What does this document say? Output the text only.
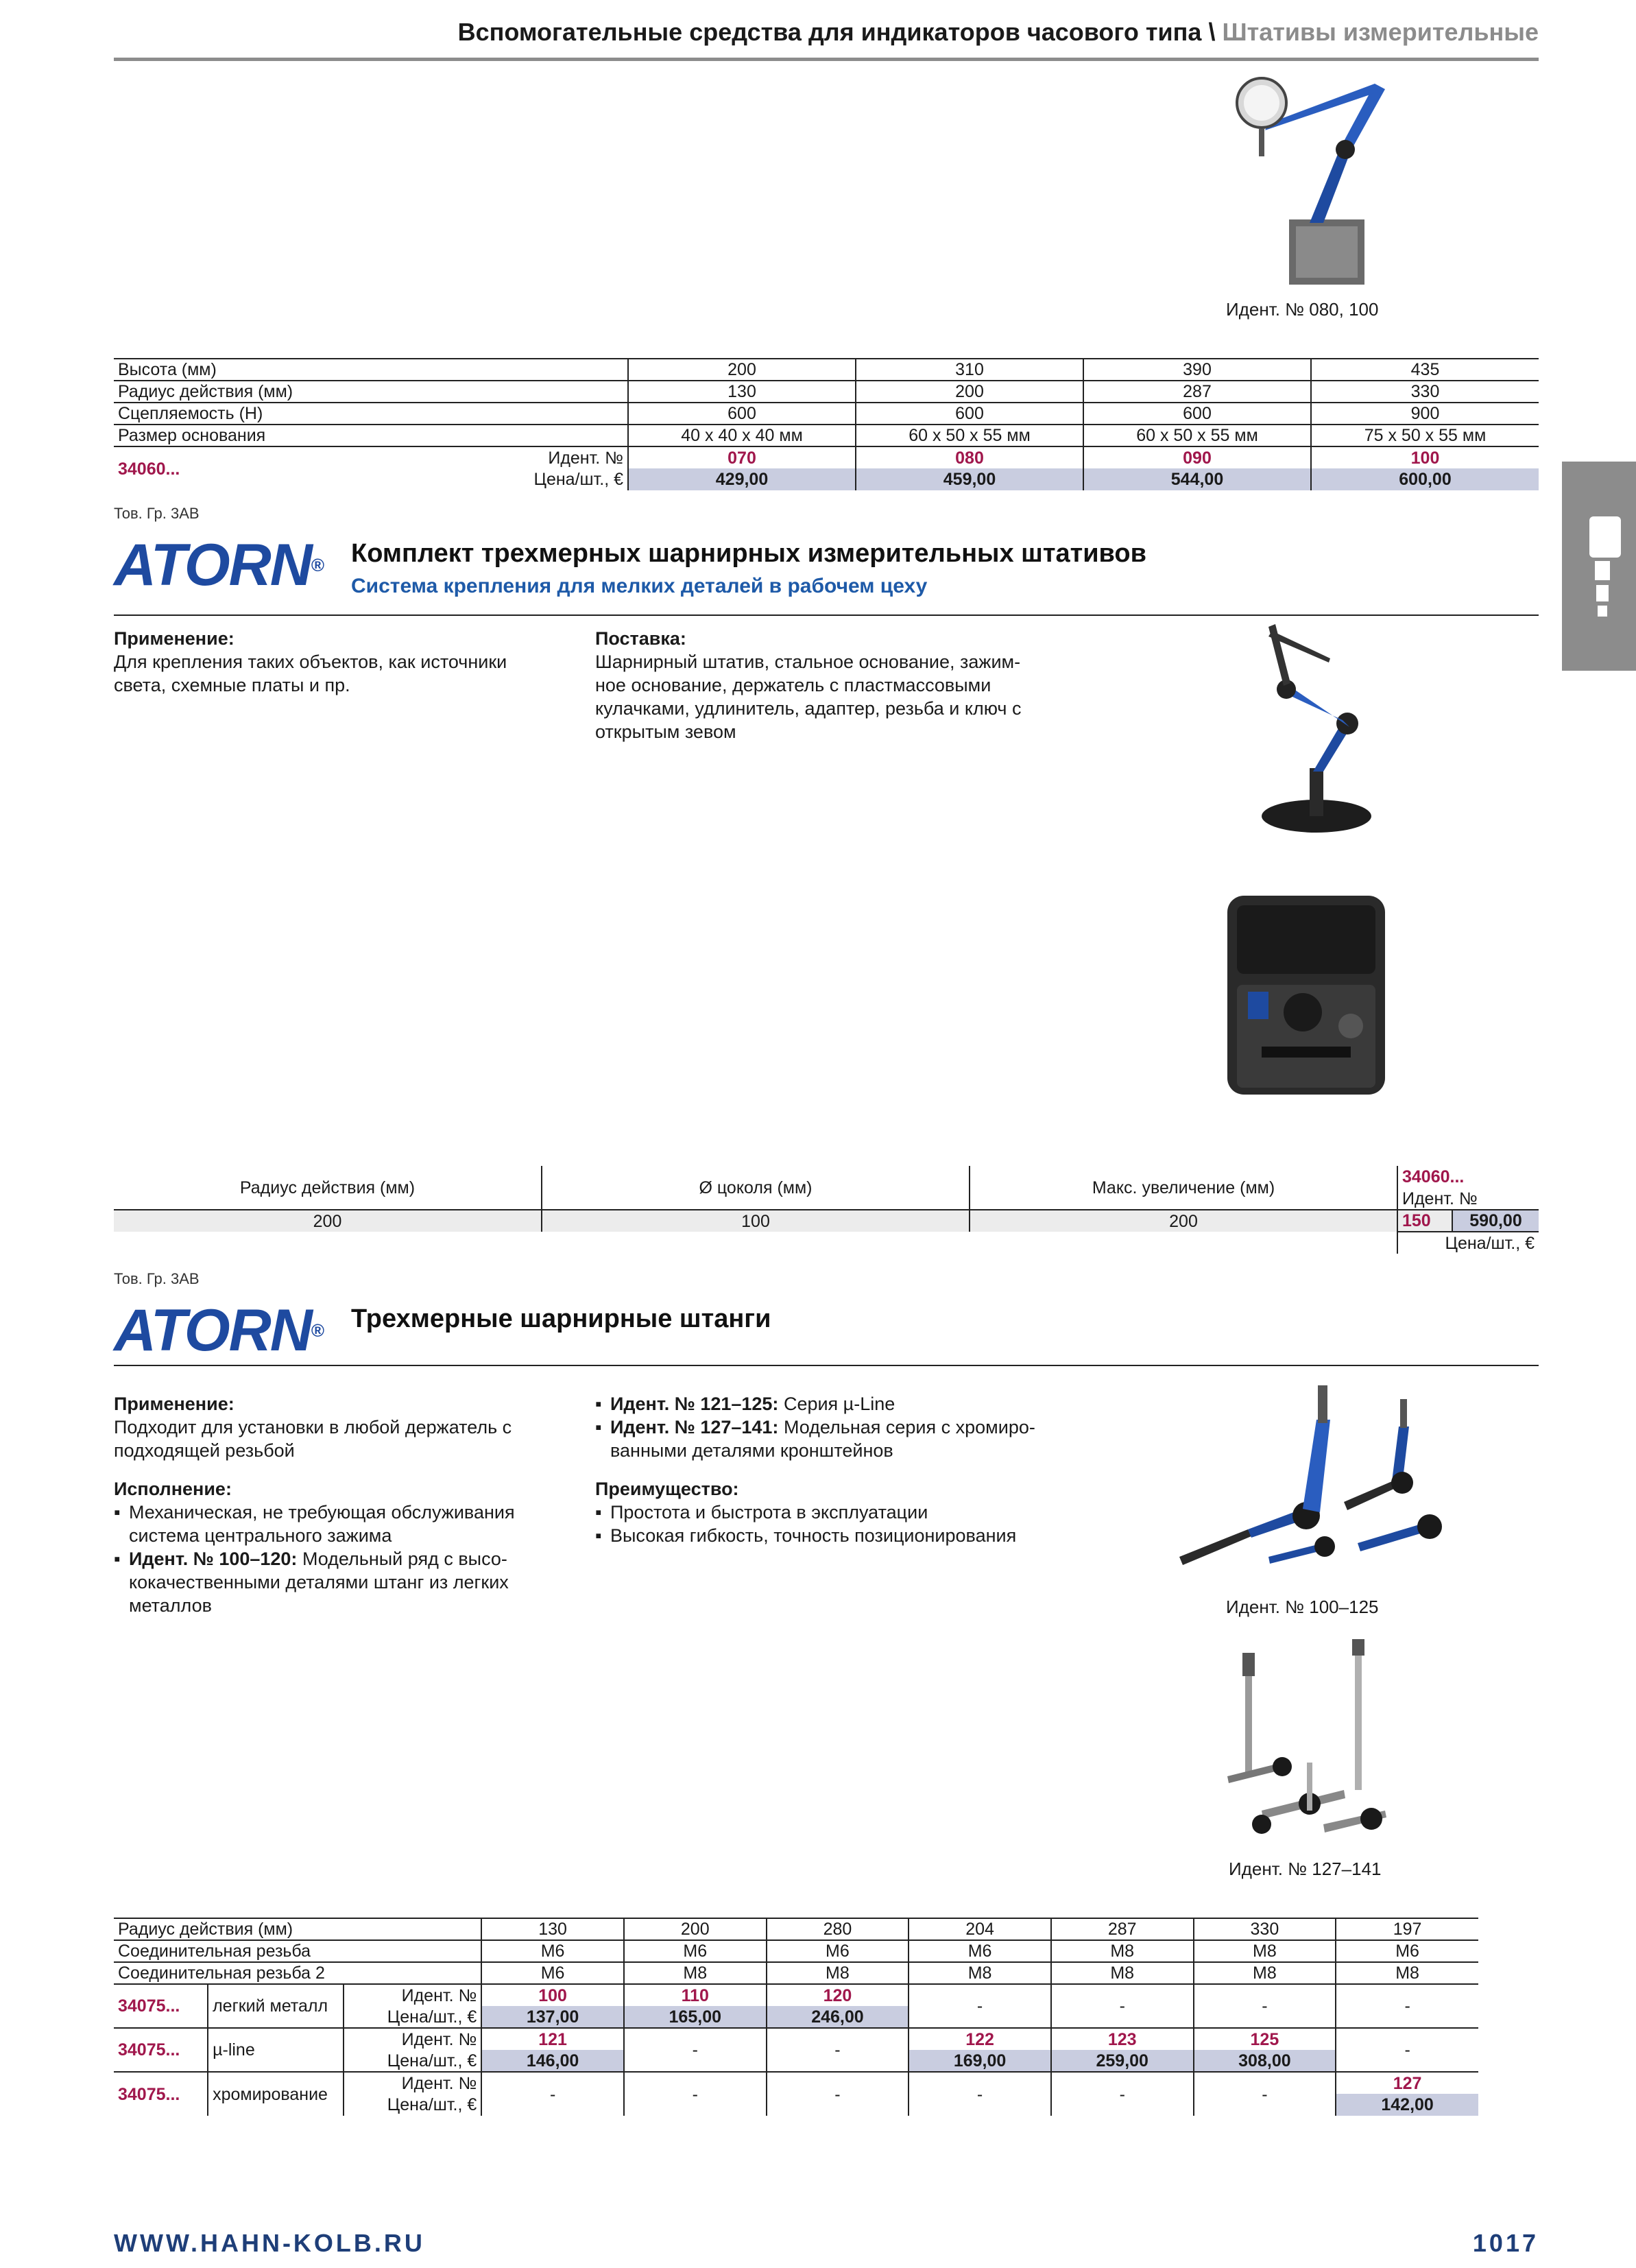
Вспомогательные средства для индикаторов часового типа \ Штативы измерительные
Идент. № 080, 100
Высота (мм)		200	310	390	435
Радиус действия (мм)		130	200	287	330
Сцепляемость (Н)		600	600	600	900
Размер основания		40 x 40 x 40 мм	60 x 50 x 55 мм	60 x 50 x 55 мм	75 x 50 x 55 мм
34060...	Идент. №	070	080	090	100
	Цена/шт., €	429,00	459,00	544,00	600,00
Тов. Гр. 3AB
ATORN® Комплект трехмерных шарнирных измерительных штативов
Система крепления для мелких деталей в рабочем цеху
Применение:
Для крепления таких объектов, как источники
света, схемные платы и пр.
Поставка:
Шарнирный штатив, стальное основание, зажим-
ное основание, держатель с пластмассовыми
кулачками, удлинитель, адаптер, резьба и ключ с
открытым зевом
Радиус действия (мм)	Ø цоколя (мм)	Макс. увеличение (мм)	34060...	
			Идент. №	
200	100	200	150	590,00
			Цена/шт., €	
Тов. Гр. 3AB
ATORN® Трехмерные шарнирные штанги
Применение:
Подходит для установки в любой держатель с
подходящей резьбой
Исполнение:
▪ Механическая, не требующая обслуживания
система центрального зажима
▪ Идент. № 100–120: Модельный ряд с высо-
кокачественными деталями штанг из легких
металлов
▪ Идент. № 121–125: Серия µ-Line
▪ Идент. № 127–141: Модельная серия с хромиро-
ванными деталями кронштейнов
Преимущество:
▪ Простота и быстрота в эксплуатации
▪ Высокая гибкость, точность позиционирования
Идент. № 100–125
Идент. № 127–141
Радиус действия (мм)			130	200	280	204	287	330	197
Соединительная резьба			M6	M6	M6	M6	M8	M8	M6
Соединительная резьба 2			M6	M8	M8	M8	M8	M8	M8
34075...	легкий металл	Идент. №	100	110	120	-	-	-	-
		Цена/шт., €	137,00	165,00	246,00				
34075...	µ-line	Идент. №	121	-	-	122	123	125	-
		Цена/шт., €	146,00			169,00	259,00	308,00	
34075...	хромирование	Идент. №	-	-	-	-	-	-	127
		Цена/шт., €							142,00
WWW.HAHN-KOLB.RU	1017
